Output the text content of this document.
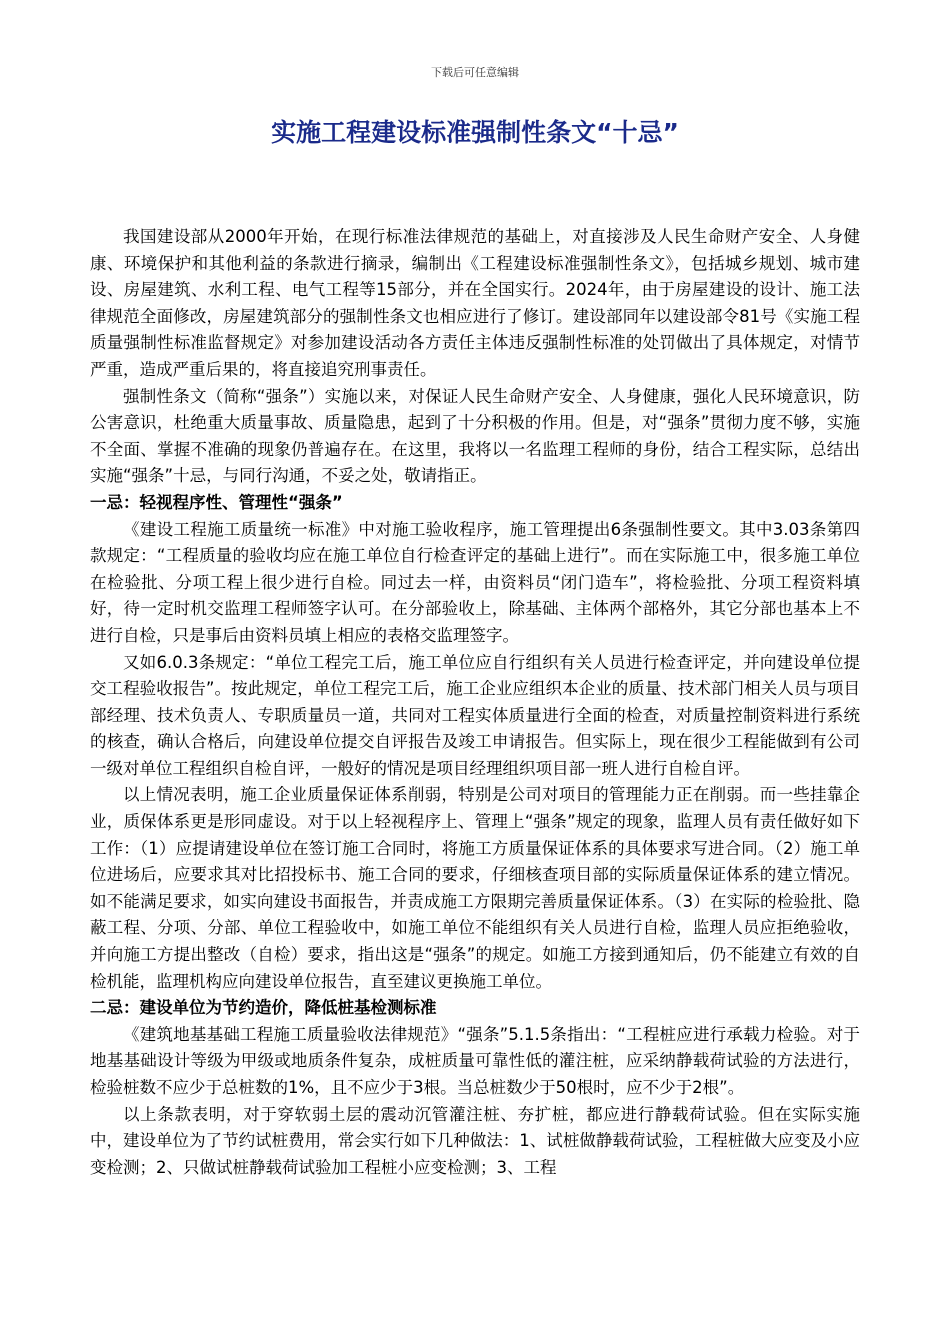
下载后可任意编辑
实施工程建设标准强制性条文“十忌”

我国建设部从2000年开始，在现行标准法律规范的基础上，对直接涉及人民生命财产安全、人身健康、环境保护和其他利益的条款进行摘录，编制出《工程建设标准强制性条文》，包括城乡规划、城市建设、房屋建筑、水利工程、电气工程等15部分，并在全国实行。2024年，由于房屋建设的设计、施工法律规范全面修改，房屋建筑部分的强制性条文也相应进行了修订。建设部同年以建设部令81号《实施工程质量强制性标准监督规定》对参加建设活动各方责任主体违反强制性标准的处罚做出了具体规定，对情节严重，造成严重后果的，将直接追究刑事责任。

强制性条文（简称“强条”）实施以来，对保证人民生命财产安全、人身健康，强化人民环境意识，防公害意识，杜绝重大质量事故、质量隐患，起到了十分积极的作用。但是，对“强条”贯彻力度不够，实施不全面、掌握不准确的现象仍普遍存在。在这里，我将以一名监理工程师的身份，结合工程实际，总结出实施“强条”十忌，与同行沟通，不妥之处，敬请指正。

一忌：轻视程序性、管理性“强条”

《建设工程施工质量统一标准》中对施工验收程序，施工管理提出6条强制性要文。其中3.03条第四款规定：“工程质量的验收均应在施工单位自行检查评定的基础上进行”。而在实际施工中，很多施工单位在检验批、分项工程上很少进行自检。同过去一样，由资料员“闭门造车”，将检验批、分项工程资料填好，待一定时机交监理工程师签字认可。在分部验收上，除基础、主体两个部格外，其它分部也基本上不进行自检，只是事后由资料员填上相应的表格交监理签字。

又如6.0.3条规定：“单位工程完工后，施工单位应自行组织有关人员进行检查评定，并向建设单位提交工程验收报告”。按此规定，单位工程完工后，施工企业应组织本企业的质量、技术部门相关人员与项目部经理、技术负责人、专职质量员一道，共同对工程实体质量进行全面的检查，对质量控制资料进行系统的核查，确认合格后，向建设单位提交自评报告及竣工申请报告。但实际上，现在很少工程能做到有公司一级对单位工程组织自检自评，一般好的情况是项目经理组织项目部一班人进行自检自评。

以上情况表明，施工企业质量保证体系削弱，特别是公司对项目的管理能力正在削弱。而一些挂靠企业，质保体系更是形同虚设。对于以上轻视程序上、管理上“强条”规定的现象，监理人员有责任做好如下工作：（1）应提请建设单位在签订施工合同时，将施工方质量保证体系的具体要求写进合同。（2）施工单位进场后，应要求其对比招投标书、施工合同的要求，仔细核查项目部的实际质量保证体系的建立情况。如不能满足要求，如实向建设书面报告，并责成施工方限期完善质量保证体系。（3）在实际的检验批、隐蔽工程、分项、分部、单位工程验收中，如施工单位不能组织有关人员进行自检，监理人员应拒绝验收，并向施工方提出整改（自检）要求，指出这是“强条”的规定。如施工方接到通知后，仍不能建立有效的自检机能，监理机构应向建设单位报告，直至建议更换施工单位。

二忌：建设单位为节约造价，降低桩基检测标准

《建筑地基基础工程施工质量验收法律规范》“强条”5.1.5条指出：“工程桩应进行承载力检验。对于地基基础设计等级为甲级或地质条件复杂，成桩质量可靠性低的灌注桩，应采纳静载荷试验的方法进行，检验桩数不应少于总桩数的1%，且不应少于3根。当总桩数少于50根时，应不少于2根”。

以上条款表明，对于穿软弱土层的震动沉管灌注桩、夯扩桩，都应进行静载荷试验。但在实际实施中，建设单位为了节约试桩费用，常会实行如下几种做法：1、试桩做静载荷试验，工程桩做大应变及小应变检测；2、只做试桩静载荷试验加工程桩小应变检测；3、工程
